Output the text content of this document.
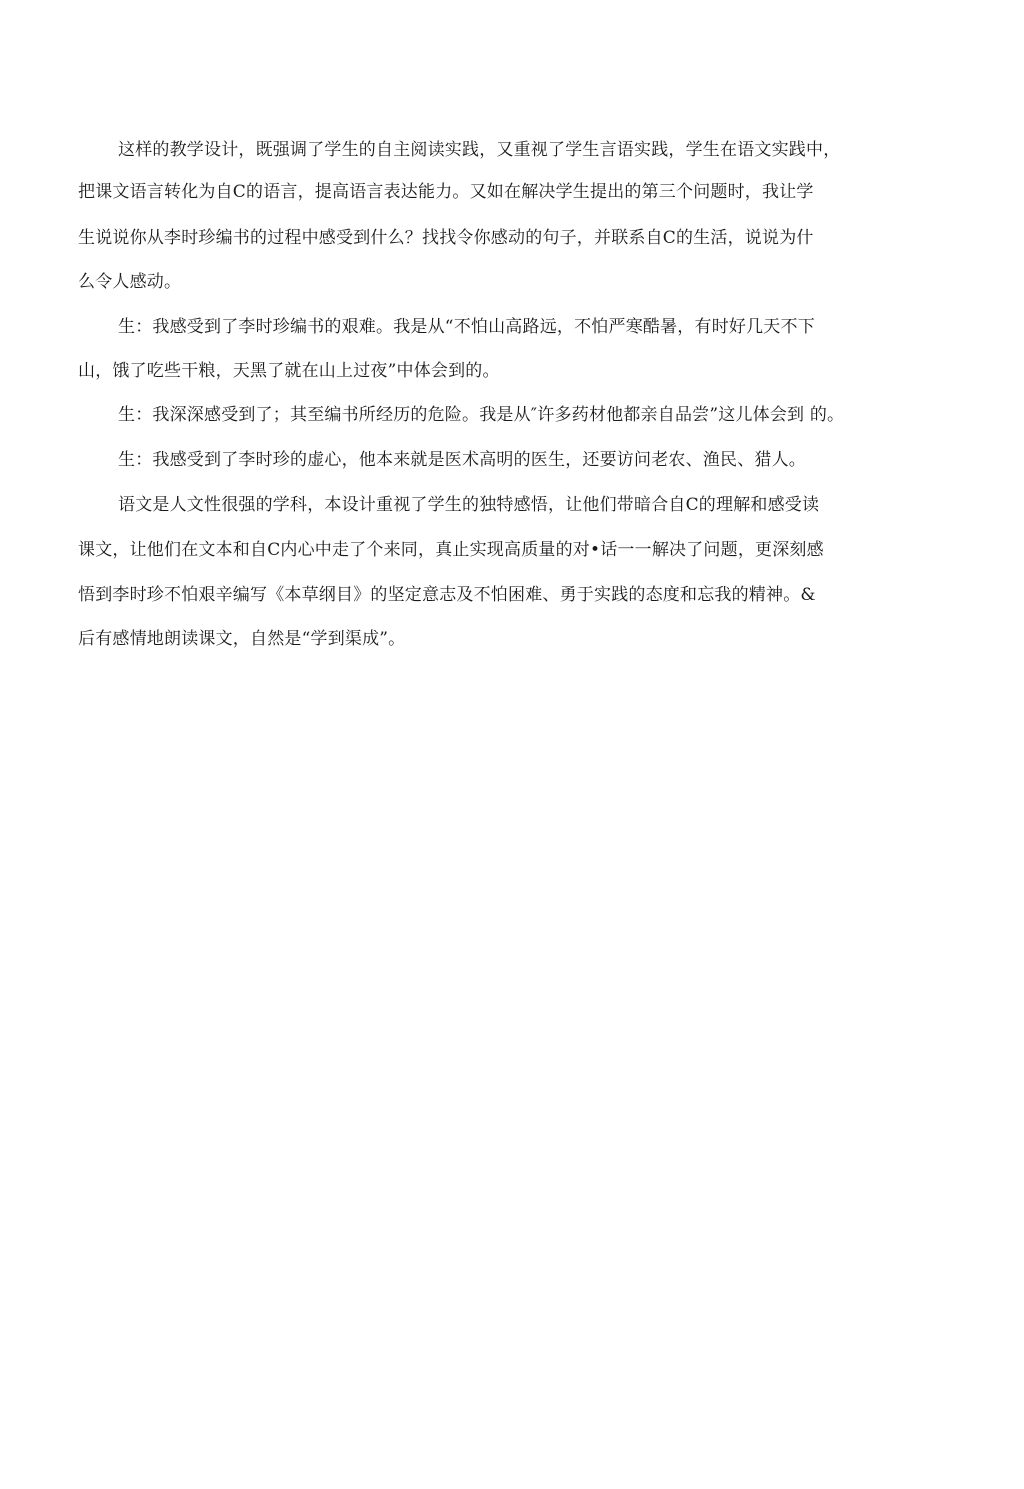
这样的教学设计，既强调了学生的自主阅读实践，又重视了学生言语实践，学生在语文实践中，
把课文语言转化为自C的语言，提高语言表达能力。又如在解决学生提出的第三个问题时，我让学
生说说你从李时珍编书的过程中感受到什么？找找令你感动的句子，并联系自C的生活，说说为什
么令人感动。
生：我感受到了李时珍编书的艰难。我是从“不怕山高路远，不怕严寒酷暑，有时好几天不下
山，饿了吃些干粮，天黑了就在山上过夜”中体会到的。
生：我深深感受到了；其至编书所经历的危险。我是从″许多药材他都亲自品尝”这儿体会到 的。
生：我感受到了李时珍的虚心，他本来就是医术高明的医生，还要访问老农、渔民、猎人。
语文是人文性很强的学科，本设计重视了学生的独特感悟，让他们带暗合自C的理解和感受读
课文，让他们在文本和自C内心中走了个来同，真止实现高质量的对•话一一解决了问题，更深刻感
悟到李时珍不怕艰辛编写《本草纲目》的坚定意志及不怕困难、勇于实践的态度和忘我的精神。&
后有感情地朗读课文，自然是“学到渠成”。
